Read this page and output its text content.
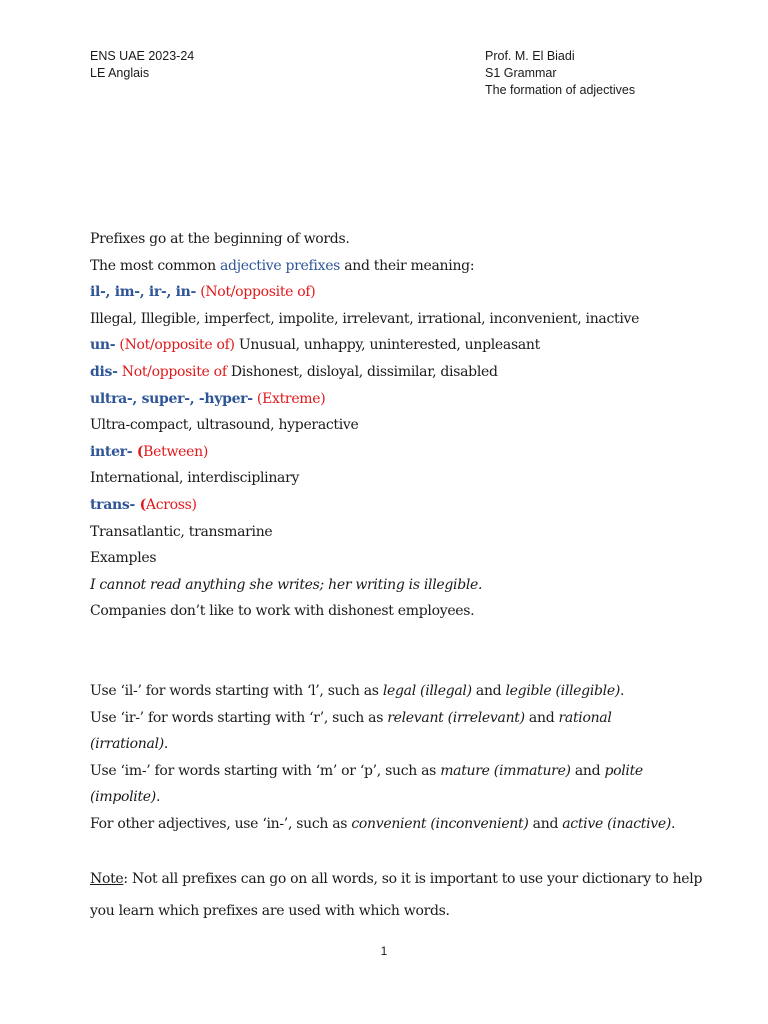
ENS UAE 2023-24
LE Anglais
Prof. M. El Biadi
S1 Grammar
The formation of adjectives

Prefixes go at the beginning of words.

The most common adjective prefixes and their meaning:

il-, im-, ir-, in- (Not/opposite of)

Illegal, Illegible, imperfect, impolite, irrelevant, irrational, inconvenient, inactive

un- (Not/opposite of) Unusual, unhappy, uninterested, unpleasant

dis- Not/opposite of Dishonest, disloyal, dissimilar, disabled

ultra-, super-, -hyper- (Extreme)

Ultra-compact, ultrasound, hyperactive

inter- (Between)

International, interdisciplinary

trans- (Across)

Transatlantic, transmarine

Examples

I cannot read anything she writes; her writing is illegible.

Companies don’t like to work with dishonest employees.

Use ‘il-’ for words starting with ‘l’, such as legal (illegal) and legible (illegible).

Use ‘ir-’ for words starting with ‘r’, such as relevant (irrelevant) and rational

(irrational).

Use ‘im-’ for words starting with ‘m’ or ‘p’, such as mature (immature) and polite

(impolite).

For other adjectives, use ‘in-’, such as convenient (inconvenient) and active (inactive).

Note: Not all prefixes can go on all words, so it is important to use your dictionary to help

you learn which prefixes are used with which words.

1
